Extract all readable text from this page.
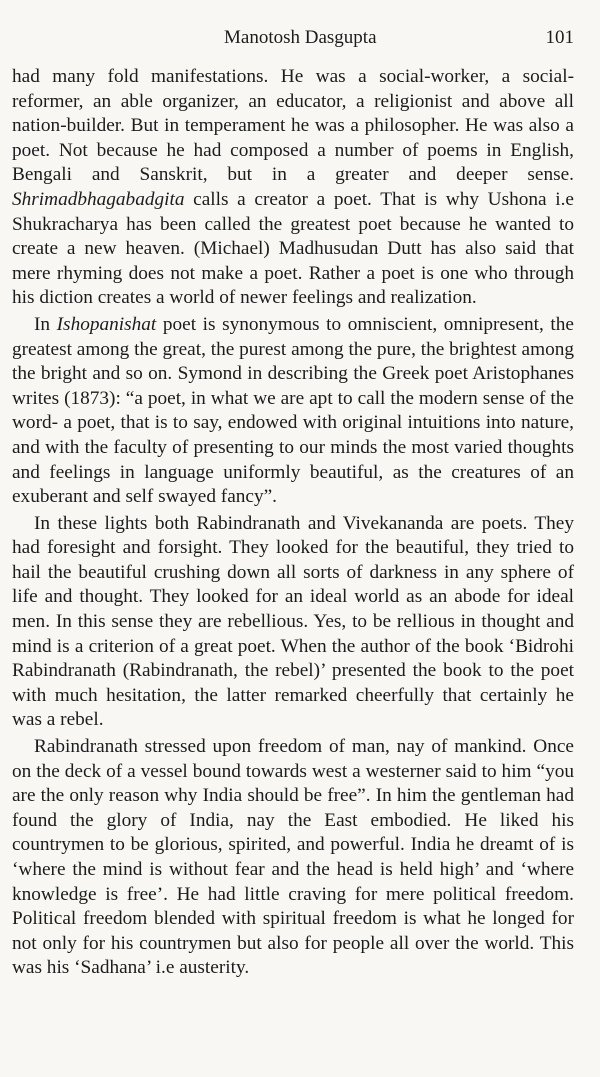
Manotosh Dasgupta	101

had many fold manifestations. He was a social-worker, a social-reformer, an able organizer, an educator, a religionist and above all nation-builder. But in temperament he was a philosopher. He was also a poet. Not because he had composed a number of poems in English, Bengali and Sanskrit, but in a greater and deeper sense. Shrimadbhagabadgita calls a creator a poet. That is why Ushona i.e Shukracharya has been called the greatest poet because he wanted to create a new heaven. (Michael) Madhusudan Dutt has also said that mere rhyming does not make a poet. Rather a poet is one who through his diction creates a world of newer feelings and realization.

In Ishopanishat poet is synonymous to omniscient, omnipresent, the greatest among the great, the purest among the pure, the brightest among the bright and so on. Symond in describing the Greek poet Aristophanes writes (1873): “a poet, in what we are apt to call the modern sense of the word- a poet, that is to say, endowed with original intuitions into nature, and with the faculty of presenting to our minds the most varied thoughts and feelings in language uniformly beautiful, as the creatures of an exuberant and self swayed fancy”.

In these lights both Rabindranath and Vivekananda are poets. They had foresight and forsight. They looked for the beautiful, they tried to hail the beautiful crushing down all sorts of darkness in any sphere of life and thought. They looked for an ideal world as an abode for ideal men. In this sense they are rebellious. Yes, to be rellious in thought and mind is a criterion of a great poet. When the author of the book ‘Bidrohi Rabindranath (Rabindranath, the rebel)’ presented the book to the poet with much hesitation, the latter remarked cheerfully that certainly he was a rebel.

Rabindranath stressed upon freedom of man, nay of mankind. Once on the deck of a vessel bound towards west a westerner said to him “you are the only reason why India should be free”. In him the gentleman had found the glory of India, nay the East embodied. He liked his countrymen to be glorious, spirited, and powerful. India he dreamt of is ‘where the mind is without fear and the head is held high’ and ‘where knowledge is free’. He had little craving for mere political freedom. Political freedom blended with spiritual freedom is what he longed for not only for his countrymen but also for people all over the world. This was his ‘Sadhana’ i.e austerity.
